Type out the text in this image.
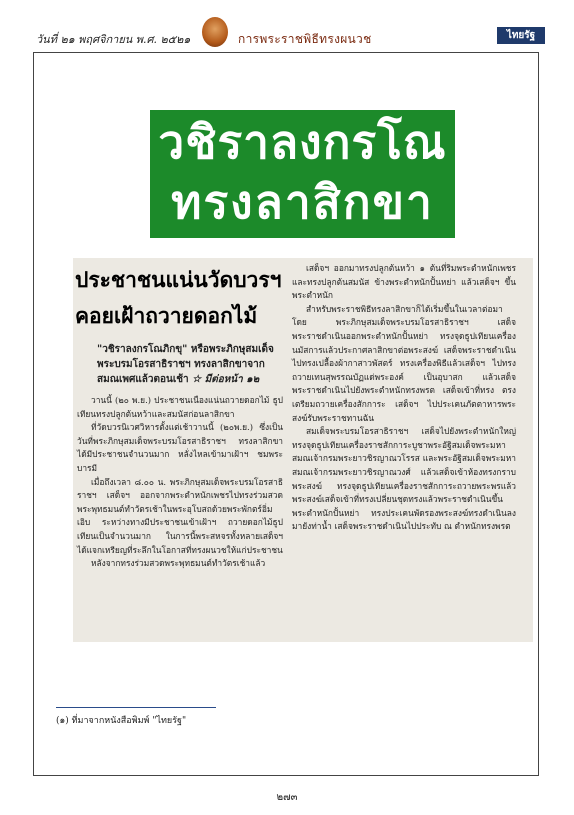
วันที่ ๒๑ พฤศจิกายน พ.ศ. ๒๕๒๑	การพระราชพิธีทรงผนวช	ไทยรัฐ
วชิราลงกรโณ
ทรงลาสิกขา
ประชาชนแน่นวัดบวรฯ
คอยเฝ้าถวายดอกไม้
"วชิราลงกรโณภิกขุ" หรือพระภิกษุสมเด็จพระบรมโอรสาธิราชฯ ทรงลาสิกขาจากสมณเพศแล้วตอนเช้า ☆ มีต่อหน้า ๑๒
วานนี้ (๒๐ พ.ย.) ประชาชนเนืองแน่นถวายดอกไม้ ธูปเทียนทรงปลูกต้นหว้าและสมนัสก่อนลาสิกขา
ที่วัดบวรนิเวศวิหารตั้งแต่เช้าวานนี้ (๒๐พ.ย.) ซึ่งเป็นวันที่พระภิกษุสมเด็จพระบรมโอรสาธิราชฯ ทรงลาสิกขา ได้มีประชาชนจำนวนมาก หลั่งไหลเข้ามาเฝ้าฯ ชมพระบารมี
เมื่อถึงเวลา ๘.๐๐ น. พระภิกษุสมเด็จพระบรมโอรสาธิราชฯ เสด็จฯ ออกจากพระตำหนักเพชรไปทรงร่วมสวดพระพุทธมนต์ทำวัตรเช้าในพระอุโบสถด้วยพระพักตร์อิ่มเอิบ ระหว่างทางมีประชาชนเข้าเฝ้าฯ ถวายดอกไม้ธูปเทียนเป็นจำนวนมาก ในการนี้พระสหจรทั้งหลายเสด็จฯ ได้แจกเหรียญที่ระลึกในโอกาสที่ทรงผนวชให้แก่ประชาชน
หลังจากทรงร่วมสวดพระพุทธมนต์ทำวัตรเช้าแล้ว
เสด็จฯ ออกมาทรงปลูกต้นหว้า ๑ ต้นที่ริมพระตำหนักเพชร และทรงปลูกต้นสมนัส ข้างพระตำหนักปั้นหย่า แล้วเสด็จฯ ขึ้นพระตำหนัก
สำหรับพระราชพิธีทรงลาสิกขาก็ได้เริ่มขึ้นในเวลาต่อมาโดย พระภิกษุสมเด็จพระบรมโอรสาธิราชฯ เสด็จพระราชดำเนินออกพระตำหนักปั้นหย่า ทรงจุดธูปเทียนเครื่องนมัสการแล้วประกาศลาสิกขาต่อพระสงฆ์ เสด็จพระราชดำเนินไปทรงเปลื้องผ้ากาสาวพัสตร์ ทรงเครื่องพิธีแล้วเสด็จฯ ไปทรงถวายเทนสุพรรณบัฏแด่พระองค์ เป็นอุบาสก แล้วเสด็จพระราชดำเนินไปยังพระตำหนักทรงพรต เสด็จเข้าที่ทรง ตรงเตรียมถวายเครื่องสักการะ เสด็จฯ ไปประเคนภัตตาหารพระสงฆ์รับพระราชทานฉัน
สมเด็จพระบรมโอรสาธิราชฯ เสด็จไปยังพระตำหนักใหญ่ ทรงจุดธูปเทียนเครื่องราชสักการะบูชาพระอัฐิสมเด็จพระมหาสมณเจ้ากรมพระยาวชิรญาณวโรรส และพระอัฐิสมเด็จพระมหาสมณเจ้ากรมพระยาวชิรญาณวงศ์ แล้วเสด็จเข้าห้องทรงกราบพระสงฆ์ ทรงจุดธูปเทียนเครื่องราชสักการะถวายพระพรแล้วพระสงฆ์เสด็จเข้าที่ทรงเปลี่ยนชุดทรงแล้วพระราชดำเนินขึ้นพระตำหนักปั้นหย่า ทรงประเคนพัดรองพระสงฆ์ทรงดำเนินลงมายังท่าน้ำ เสด็จพระราชดำเนินไปประทับ ณ ตำหนักทรงพรต
(๑) ที่มาจากหนังสือพิมพ์ "ไทยรัฐ"
๒๗๓
